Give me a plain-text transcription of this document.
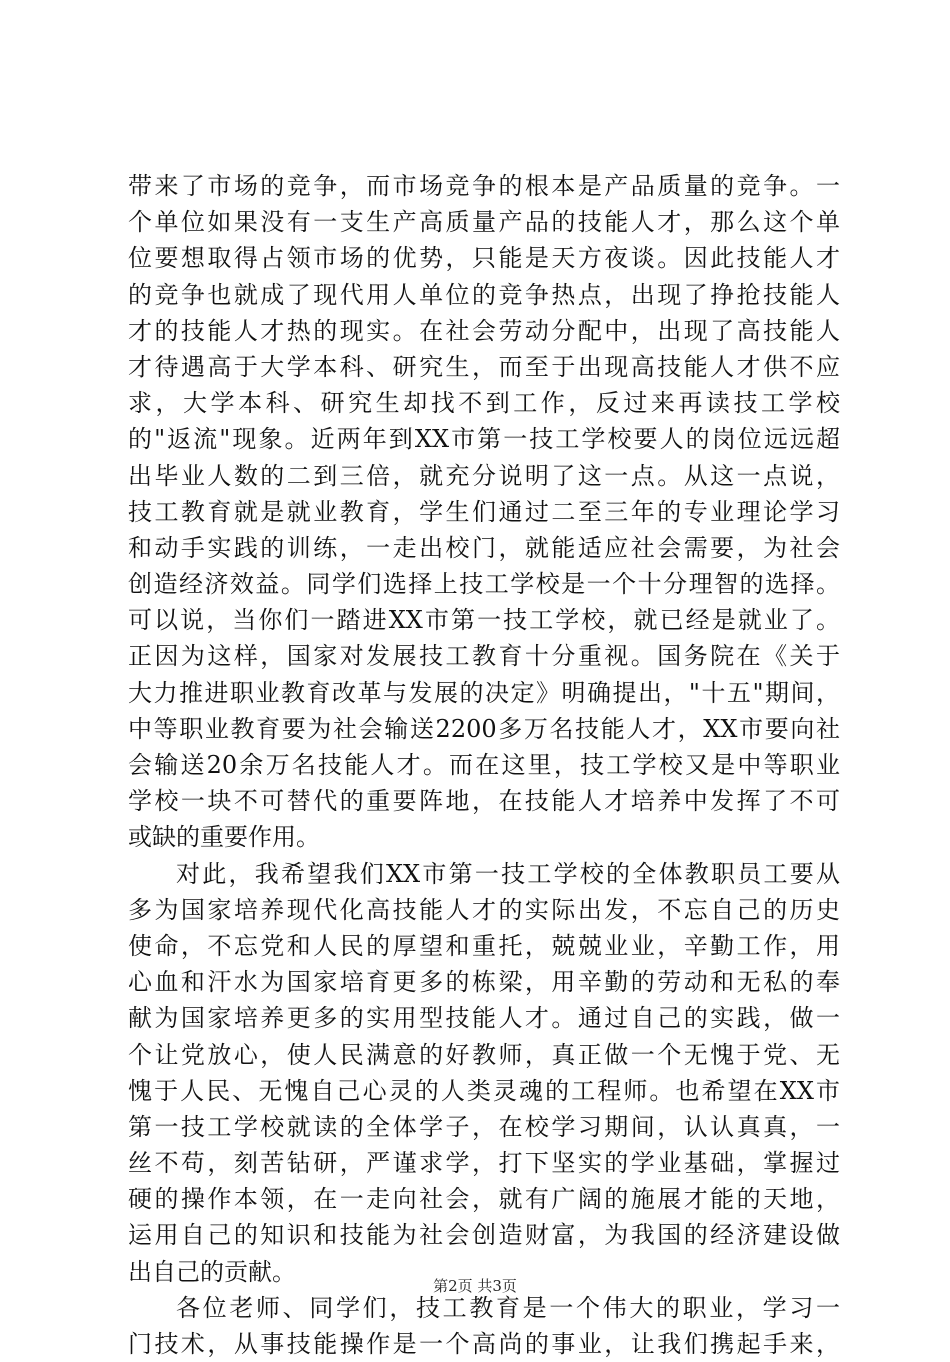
带来了市场的竞争，而市场竞争的根本是产品质量的竞争。一
个单位如果没有一支生产高质量产品的技能人才，那么这个单
位要想取得占领市场的优势，只能是天方夜谈。因此技能人才
的竞争也就成了现代用人单位的竞争热点，出现了挣抢技能人
才的技能人才热的现实。在社会劳动分配中，出现了高技能人
才待遇高于大学本科、研究生，而至于出现高技能人才供不应
求，大学本科、研究生却找不到工作，反过来再读技工学校
的"返流"现象。近两年到XX市第一技工学校要人的岗位远远超
出毕业人数的二到三倍，就充分说明了这一点。从这一点说，
技工教育就是就业教育，学生们通过二至三年的专业理论学习
和动手实践的训练，一走出校门，就能适应社会需要，为社会
创造经济效益。同学们选择上技工学校是一个十分理智的选择。
可以说，当你们一踏进XX市第一技工学校，就已经是就业了。
正因为这样，国家对发展技工教育十分重视。国务院在《关于
大力推进职业教育改革与发展的决定》明确提出，"十五"期间，
中等职业教育要为社会输送2200多万名技能人才，XX市要向社
会输送20余万名技能人才。而在这里，技工学校又是中等职业
学校一块不可替代的重要阵地，在技能人才培养中发挥了不可
或缺的重要作用。
对此，我希望我们XX市第一技工学校的全体教职员工要从
多为国家培养现代化高技能人才的实际出发，不忘自己的历史
使命，不忘党和人民的厚望和重托，兢兢业业，辛勤工作，用
心血和汗水为国家培育更多的栋梁，用辛勤的劳动和无私的奉
献为国家培养更多的实用型技能人才。通过自己的实践，做一
个让党放心，使人民满意的好教师，真正做一个无愧于党、无
愧于人民、无愧自己心灵的人类灵魂的工程师。也希望在XX市
第一技工学校就读的全体学子，在校学习期间，认认真真，一
丝不苟，刻苦钻研，严谨求学，打下坚实的学业基础，掌握过
硬的操作本领，在一走向社会，就有广阔的施展才能的天地，
运用自己的知识和技能为社会创造财富，为我国的经济建设做
出自己的贡献。
各位老师、同学们，技工教育是一个伟大的职业，学习一
门技术，从事技能操作是一个高尚的事业，让我们携起手来，
第2页 共3页
